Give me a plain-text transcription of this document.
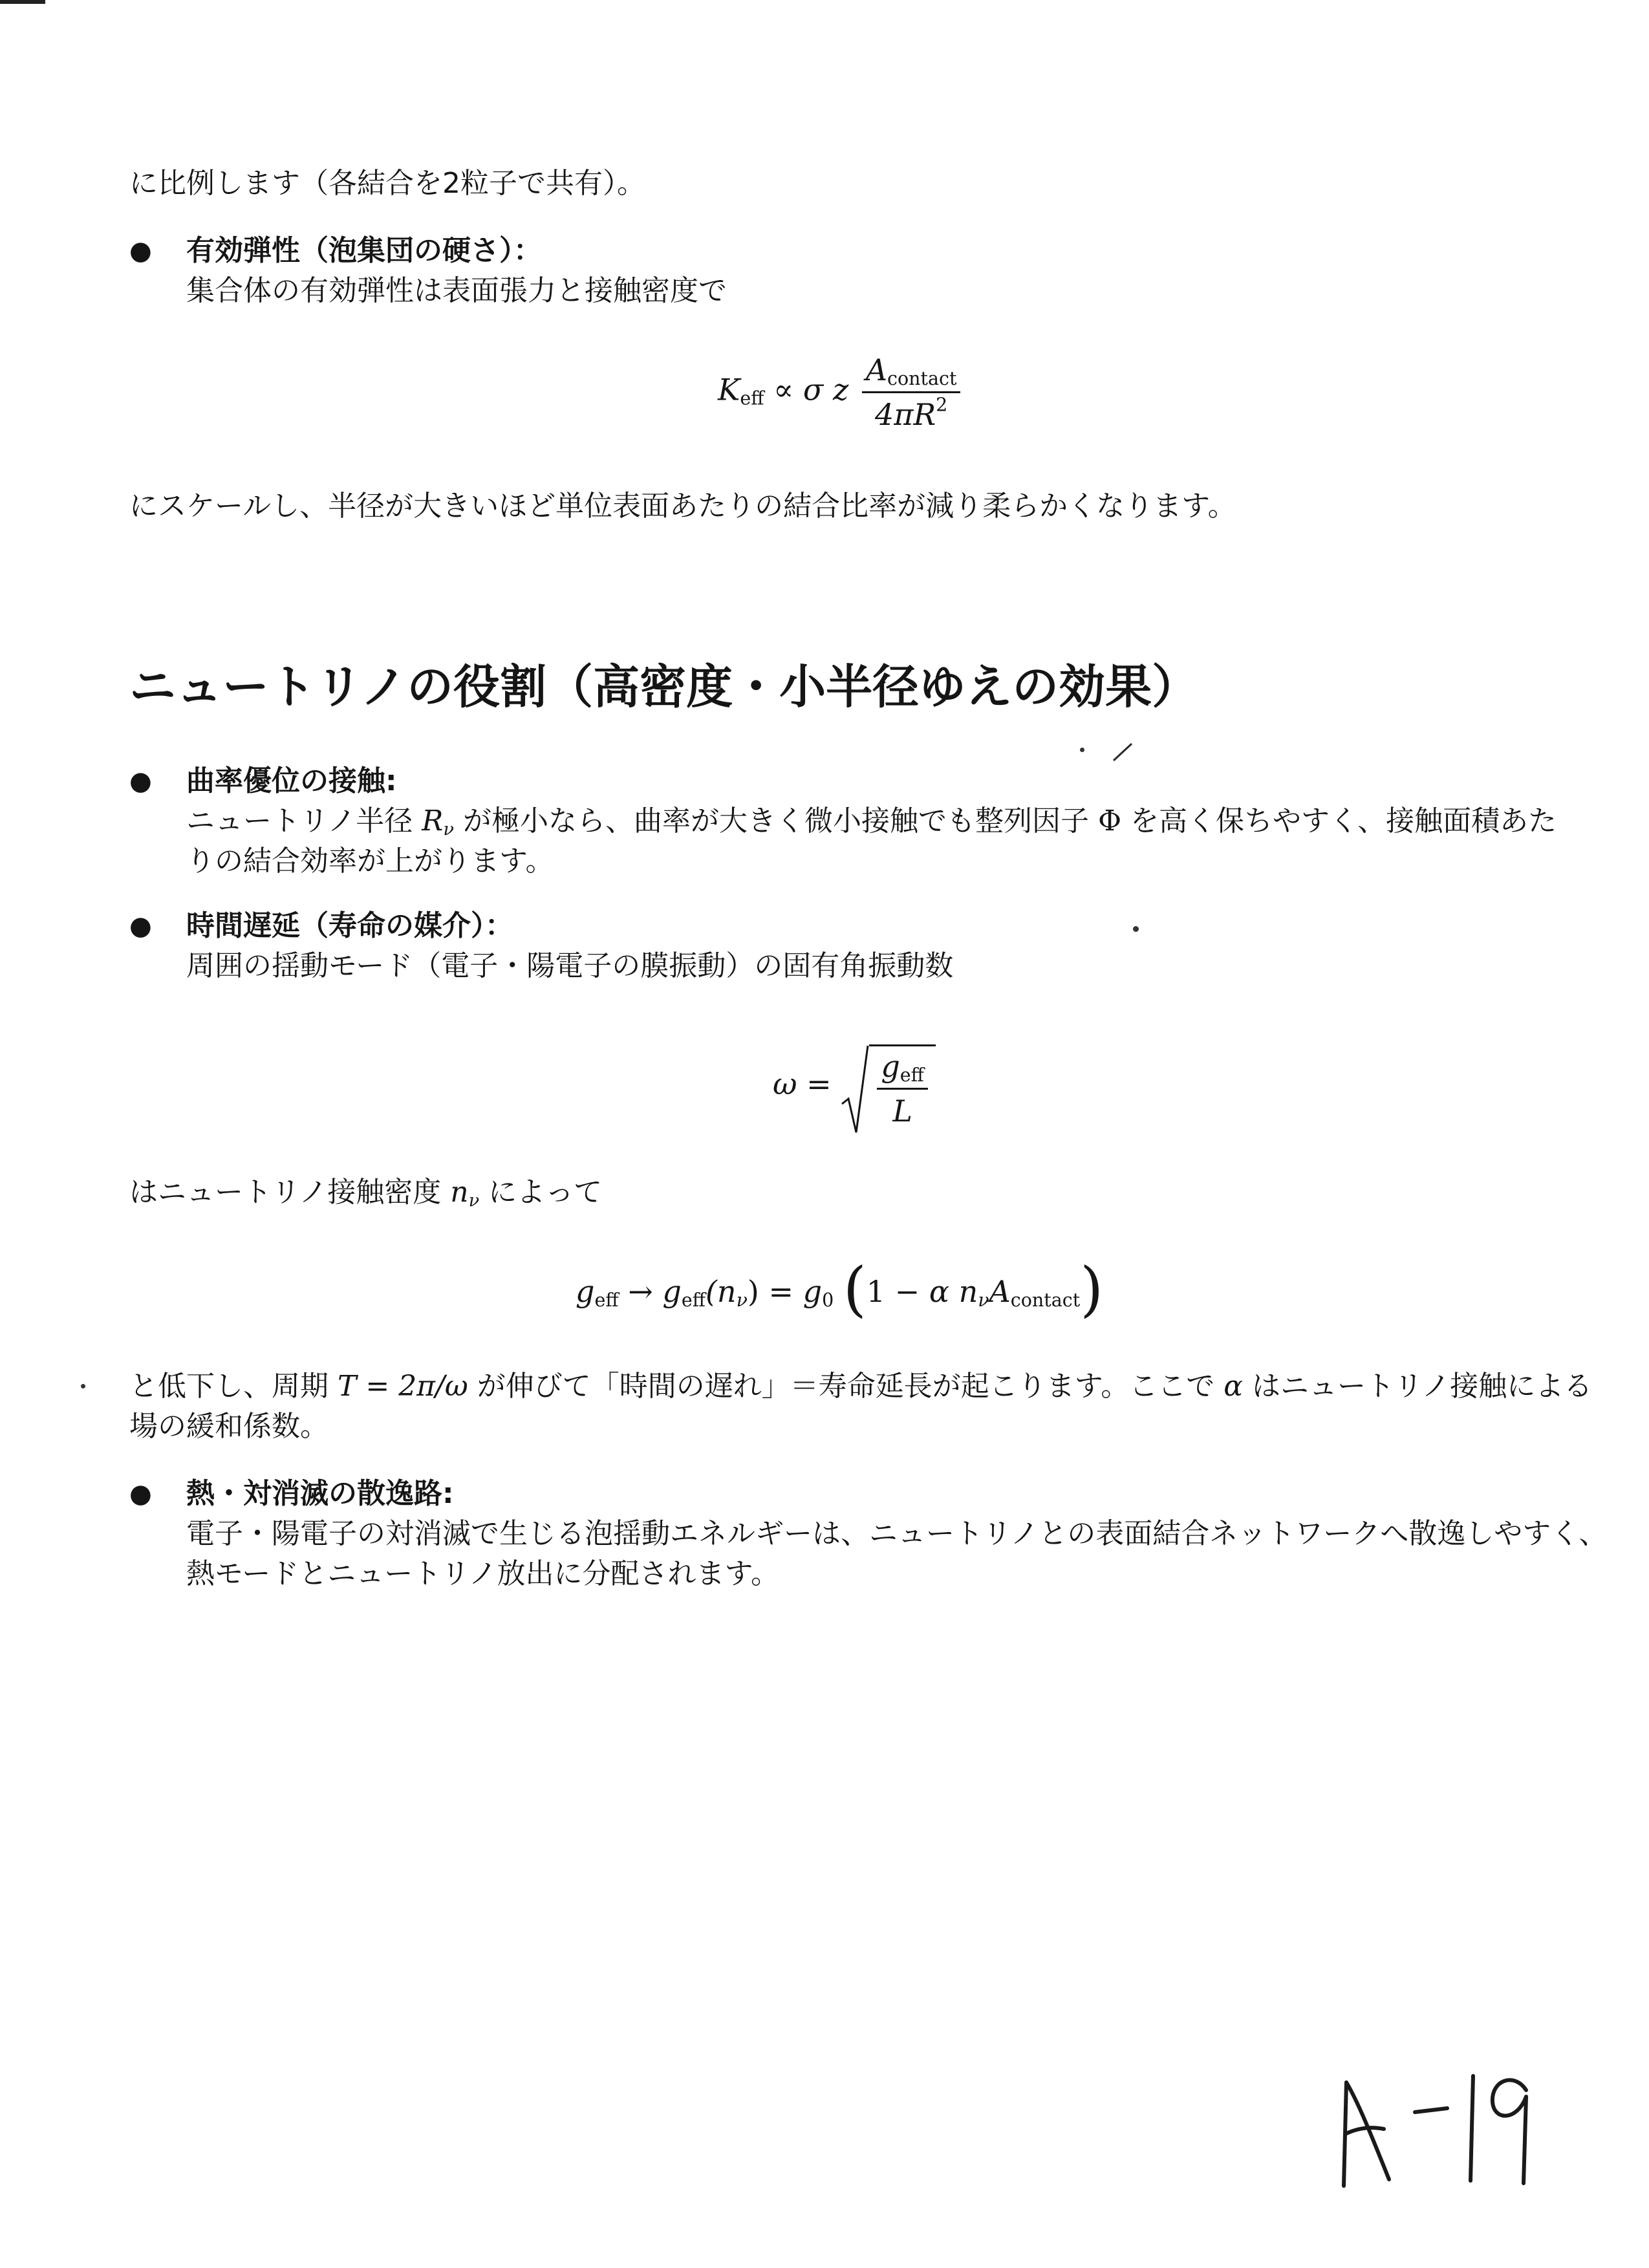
に比例します（各結合を2粒子で共有）。
● 有効弾性（泡集団の硬さ）：
集合体の有効弾性は表面張力と接触密度で
$K_{eff} \propto \sigma$ z $\frac{A_{contact}}{4\pi R^2}$
にスケールし、半径が大きいほど単位表面あたりの結合比率が減り柔らかくなります。
ニュートリノの役割（高密度・小半径ゆえの効果）
● 曲率優位の接触:
ニュートリノ半径 $R_\nu$ が極小なら、曲率が大きく微小接触でも整列因子 Φ を高く保ちやすく、接触面積あた
りの結合効率が上がります。
● 時間遅延（寿命の媒介）：
周囲の揺動モード（電子・陽電子の膜振動）の固有角振動数
$\omega = \frac{g_{eff}}{L}$
はニュートリノ接触密度 $n_\nu$ によって
$g_{eff} \to g_{eff}(n_\nu) = g_0$ (1 − α $n_\nu A_{contact}$)
と低下し、周期 T = 2π/ω が伸びて「時間の遅れ」＝寿命延長が起こります。ここで α はニュートリノ接触による
場の緩和係数。
● 熱・対消滅の散逸路:
電子・陽電子の対消滅で生じる泡揺動エネルギーは、ニュートリノとの表面結合ネットワークへ散逸しやすく、
熱モードとニュートリノ放出に分配されます。
